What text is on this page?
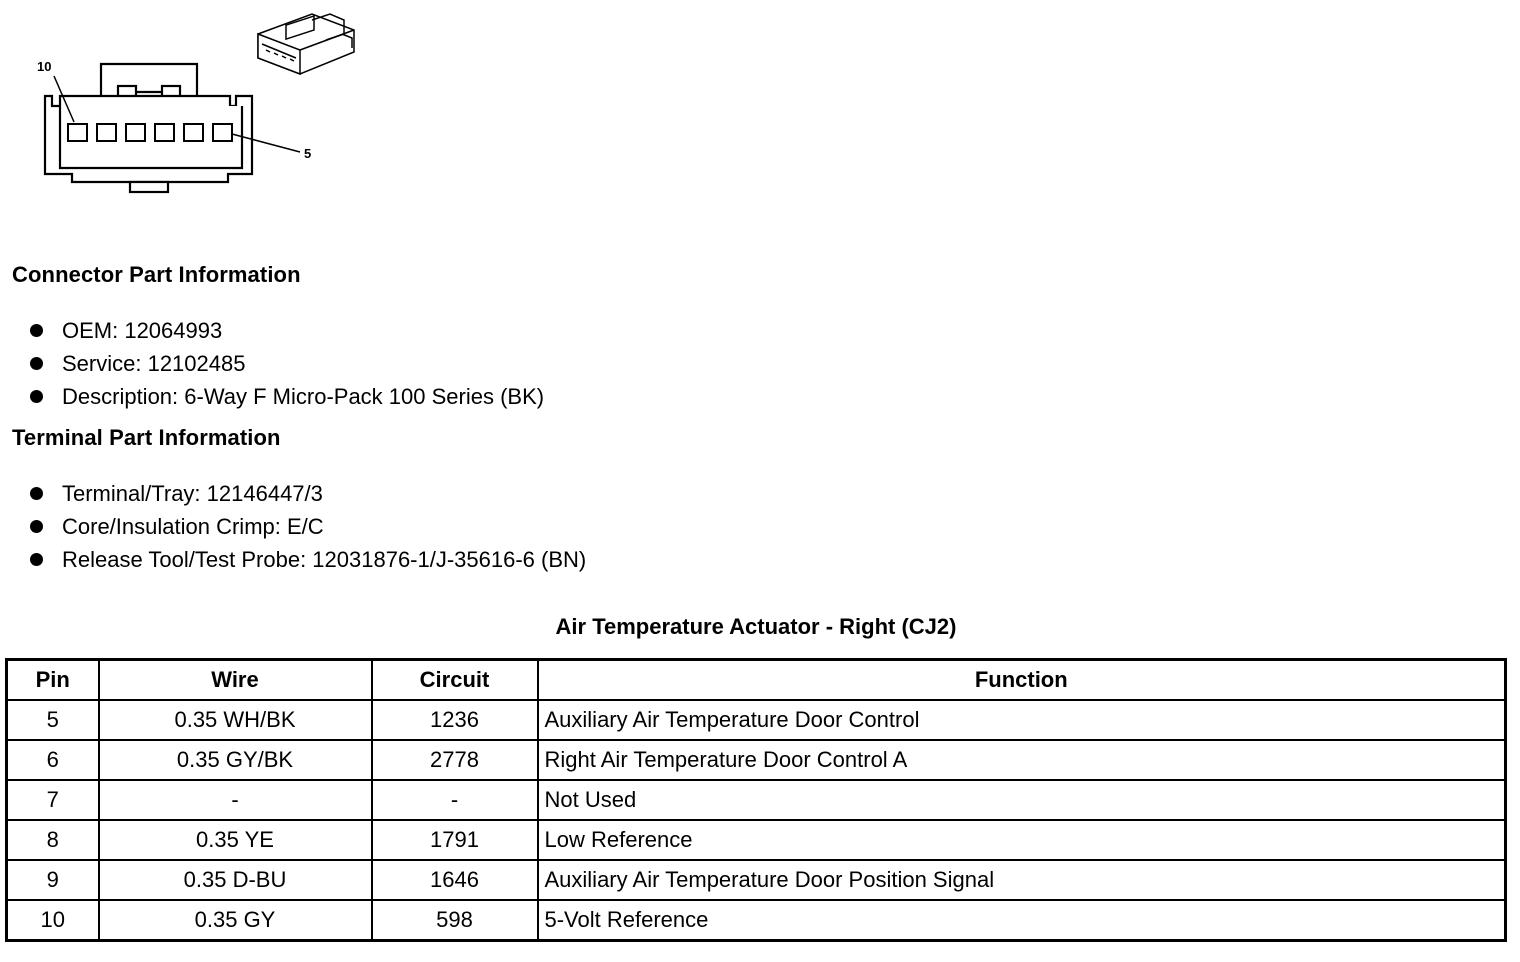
10
5
Connector Part Information
OEM: 12064993
Service: 12102485
Description: 6-Way F Micro-Pack 100 Series (BK)
Terminal Part Information
Terminal/Tray: 12146447/3
Core/Insulation Crimp: E/C
Release Tool/Test Probe: 12031876-1/J-35616-6 (BN)
Air Temperature Actuator - Right (CJ2)
Pin	Wire	Circuit	Function
5	0.35 WH/BK	1236	Auxiliary Air Temperature Door Control
6	0.35 GY/BK	2778	Right Air Temperature Door Control A
7	-	-	Not Used
8	0.35 YE	1791	Low Reference
9	0.35 D-BU	1646	Auxiliary Air Temperature Door Position Signal
10	0.35 GY	598	5-Volt Reference
